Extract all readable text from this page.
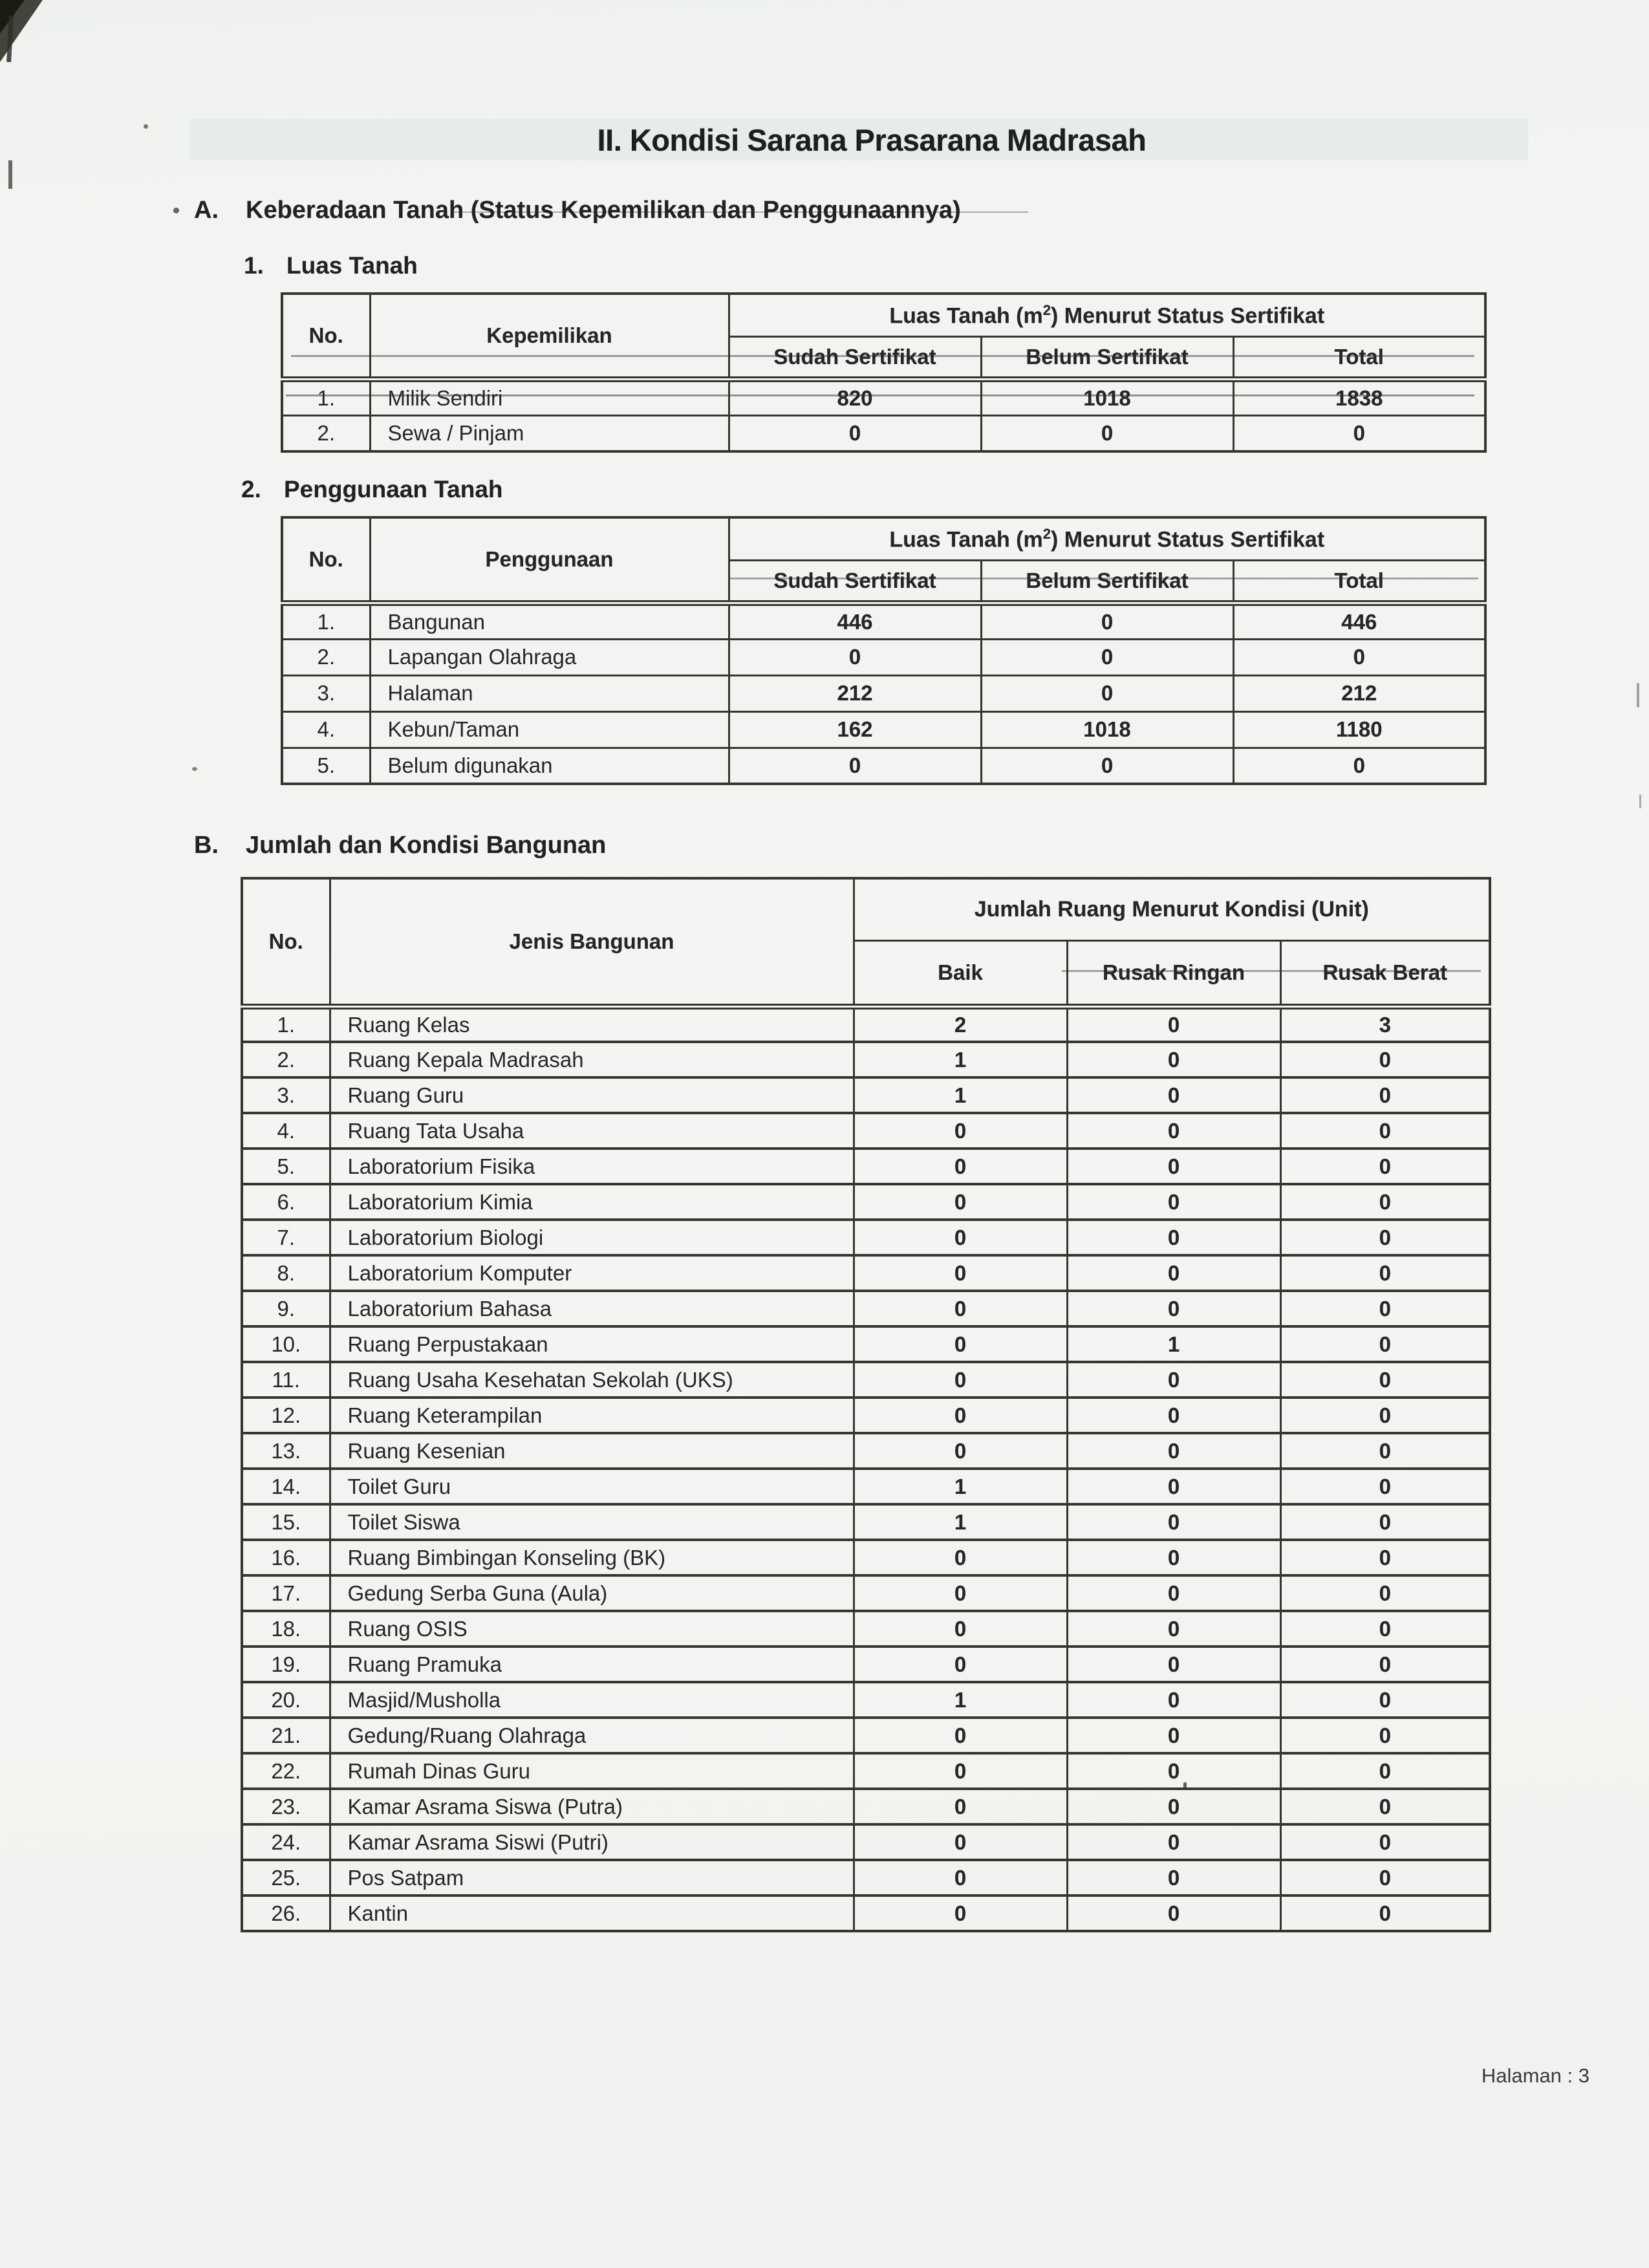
II. Kondisi Sarana Prasarana Madrasah
A. Keberadaan Tanah (Status Kepemilikan dan Penggunaannya)
1. Luas Tanah
No.	Kepemilikan	Luas Tanah $(m^2)$ Menurut Status Sertifikat		
		Sudah Sertifikat	Belum Sertifikat	Total
1.	Milik Sendiri	820	1018	1838
2.	Sewa / Pinjam	0	0	0
2. Penggunaan Tanah
No.	Penggunaan	Luas Tanah $(m^2)$ Menurut Status Sertifikat		
		Sudah Sertifikat	Belum Sertifikat	Total
1.	Bangunan	446	0	446
2.	Lapangan Olahraga	0	0	0
3.	Halaman	212	0	212
4.	Kebun/Taman	162	1018	1180
5.	Belum digunakan	0	0	0
B. Jumlah dan Kondisi Bangunan
No.	Jenis Bangunan	Jumlah Ruang Menurut Kondisi (Unit)		
		Baik	Rusak Ringan	Rusak Berat
1.	Ruang Kelas	2	0	3
2.	Ruang Kepala Madrasah	1	0	0
3.	Ruang Guru	1	0	0
4.	Ruang Tata Usaha	0	0	0
5.	Laboratorium Fisika	0	0	0
6.	Laboratorium Kimia	0	0	0
7.	Laboratorium Biologi	0	0	0
8.	Laboratorium Komputer	0	0	0
9.	Laboratorium Bahasa	0	0	0
10.	Ruang Perpustakaan	0	1	0
11.	Ruang Usaha Kesehatan Sekolah (UKS)	0	0	0
12.	Ruang Keterampilan	0	0	0
13.	Ruang Kesenian	0	0	0
14.	Toilet Guru	1	0	0
15.	Toilet Siswa	1	0	0
16.	Ruang Bimbingan Konseling (BK)	0	0	0
17.	Gedung Serba Guna (Aula)	0	0	0
18.	Ruang OSIS	0	0	0
19.	Ruang Pramuka	0	0	0
20.	Masjid/Musholla	1	0	0
21.	Gedung/Ruang Olahraga	0	0	0
22.	Rumah Dinas Guru	0	0	0
23.	Kamar Asrama Siswa (Putra)	0	0	0
24.	Kamar Asrama Siswi (Putri)	0	0	0
25.	Pos Satpam	0	0	0
26.	Kantin	0	0	0
Halaman : 3
